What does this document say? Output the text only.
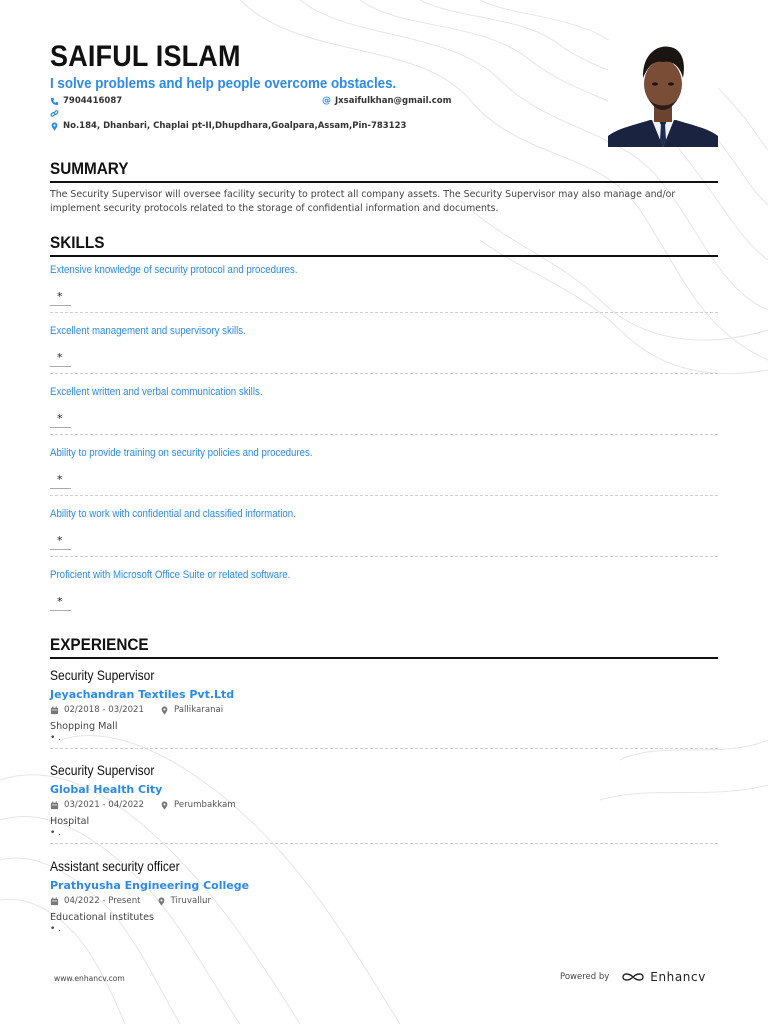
SAIFUL ISLAM
I solve problems and help people overcome obstacles.
7904416087	@ Jxsaifulkhan@gmail.com
No.184, Dhanbari, Chaplai pt-II,Dhupdhara,Goalpara,Assam,Pin-783123
SUMMARY
The Security Supervisor will oversee facility security to protect all company assets. The Security Supervisor may also manage and/or implement security protocols related to the storage of confidential information and documents.
SKILLS
Extensive knowledge of security protocol and procedures.
*
Excellent management and supervisory skills.
*
Excellent written and verbal communication skills.
*
Ability to provide training on security policies and procedures.
*
Ability to work with confidential and classified information.
*
Proficient with Microsoft Office Suite or related software.
*
EXPERIENCE
Security Supervisor
Jeyachandran Textiles Pvt.Ltd
02/2018 - 03/2021	Pallikaranai
Shopping Mall
• .
Security Supervisor
Global Health City
03/2021 - 04/2022	Perumbakkam
Hospital
• .
Assistant security officer
Prathyusha Engineering College
04/2022 - Present	Tiruvallur
Educational institutes
• .
www.enhancv.com	Powered by	Enhancv
